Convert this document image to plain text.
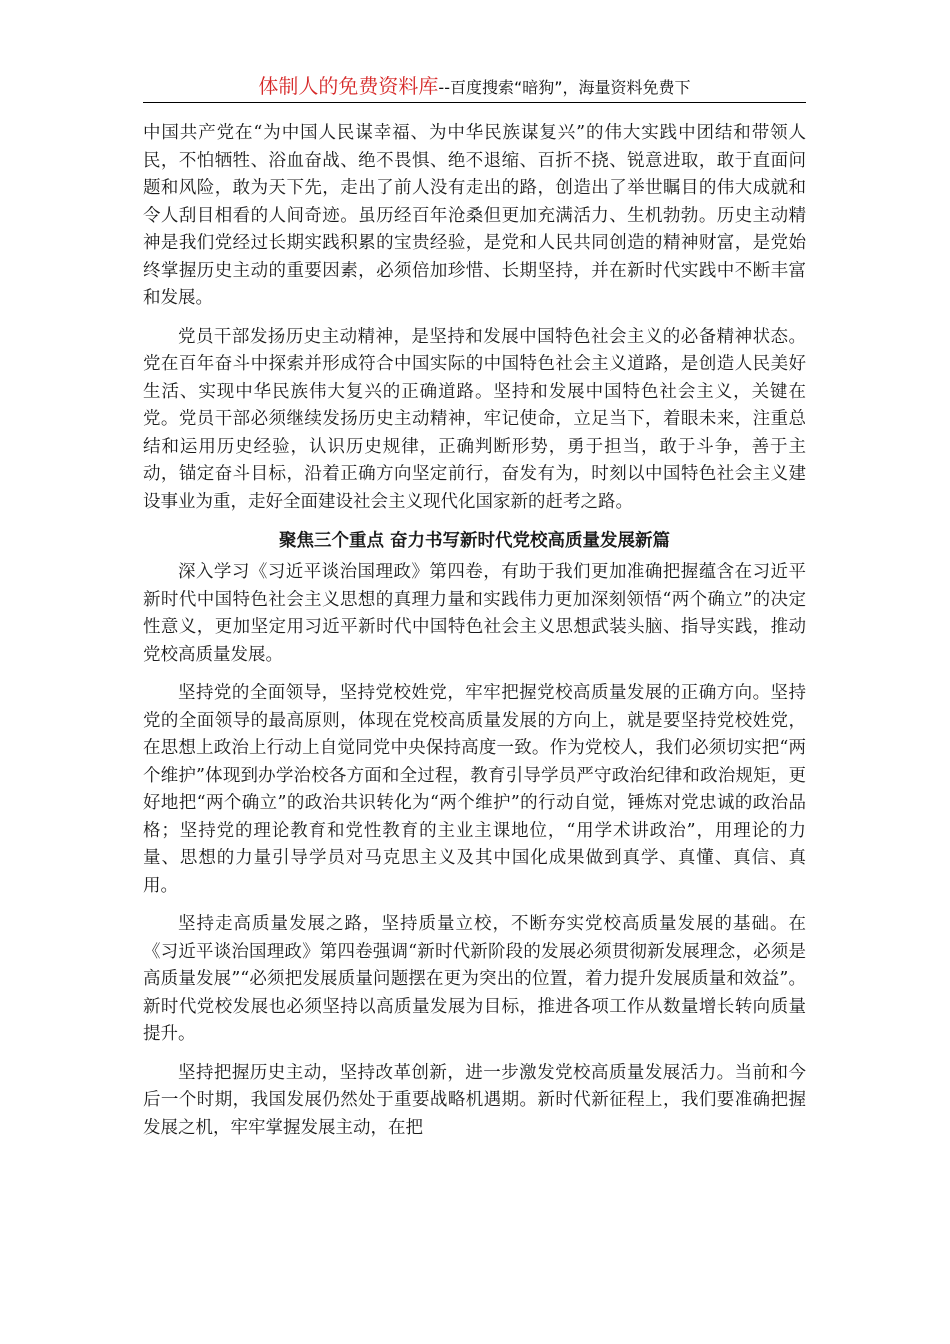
体制人的免费资料库--百度搜索“暗狗”，海量资料免费下

中国共产党在“为中国人民谋幸福、为中华民族谋复兴”的伟大实践中团结和带领人民，不怕牺牲、浴血奋战、绝不畏惧、绝不退缩、百折不挠、锐意进取，敢于直面问题和风险，敢为天下先，走出了前人没有走出的路，创造出了举世瞩目的伟大成就和令人刮目相看的人间奇迹。虽历经百年沧桑但更加充满活力、生机勃勃。历史主动精神是我们党经过长期实践积累的宝贵经验，是党和人民共同创造的精神财富，是党始终掌握历史主动的重要因素，必须倍加珍惜、长期坚持，并在新时代实践中不断丰富和发展。

党员干部发扬历史主动精神，是坚持和发展中国特色社会主义的必备精神状态。党在百年奋斗中探索并形成符合中国实际的中国特色社会主义道路，是创造人民美好生活、实现中华民族伟大复兴的正确道路。坚持和发展中国特色社会主义，关键在党。党员干部必须继续发扬历史主动精神，牢记使命，立足当下，着眼未来，注重总结和运用历史经验，认识历史规律，正确判断形势，勇于担当，敢于斗争，善于主动，锚定奋斗目标，沿着正确方向坚定前行，奋发有为，时刻以中国特色社会主义建设事业为重，走好全面建设社会主义现代化国家新的赶考之路。

聚焦三个重点 奋力书写新时代党校高质量发展新篇

深入学习《习近平谈治国理政》第四卷，有助于我们更加准确把握蕴含在习近平新时代中国特色社会主义思想的真理力量和实践伟力更加深刻领悟“两个确立”的决定性意义，更加坚定用习近平新时代中国特色社会主义思想武装头脑、指导实践，推动党校高质量发展。

坚持党的全面领导，坚持党校姓党，牢牢把握党校高质量发展的正确方向。坚持党的全面领导的最高原则，体现在党校高质量发展的方向上，就是要坚持党校姓党，在思想上政治上行动上自觉同党中央保持高度一致。作为党校人，我们必须切实把“两个维护”体现到办学治校各方面和全过程，教育引导学员严守政治纪律和政治规矩，更好地把“两个确立”的政治共识转化为“两个维护”的行动自觉，锤炼对党忠诚的政治品格；坚持党的理论教育和党性教育的主业主课地位，“用学术讲政治”，用理论的力量、思想的力量引导学员对马克思主义及其中国化成果做到真学、真懂、真信、真用。

坚持走高质量发展之路，坚持质量立校，不断夯实党校高质量发展的基础。在《习近平谈治国理政》第四卷强调“新时代新阶段的发展必须贯彻新发展理念，必须是高质量发展”“必须把发展质量问题摆在更为突出的位置，着力提升发展质量和效益”。新时代党校发展也必须坚持以高质量发展为目标，推进各项工作从数量增长转向质量提升。

坚持把握历史主动，坚持改革创新，进一步激发党校高质量发展活力。当前和今后一个时期，我国发展仍然处于重要战略机遇期。新时代新征程上，我们要准确把握发展之机，牢牢掌握发展主动，在把
